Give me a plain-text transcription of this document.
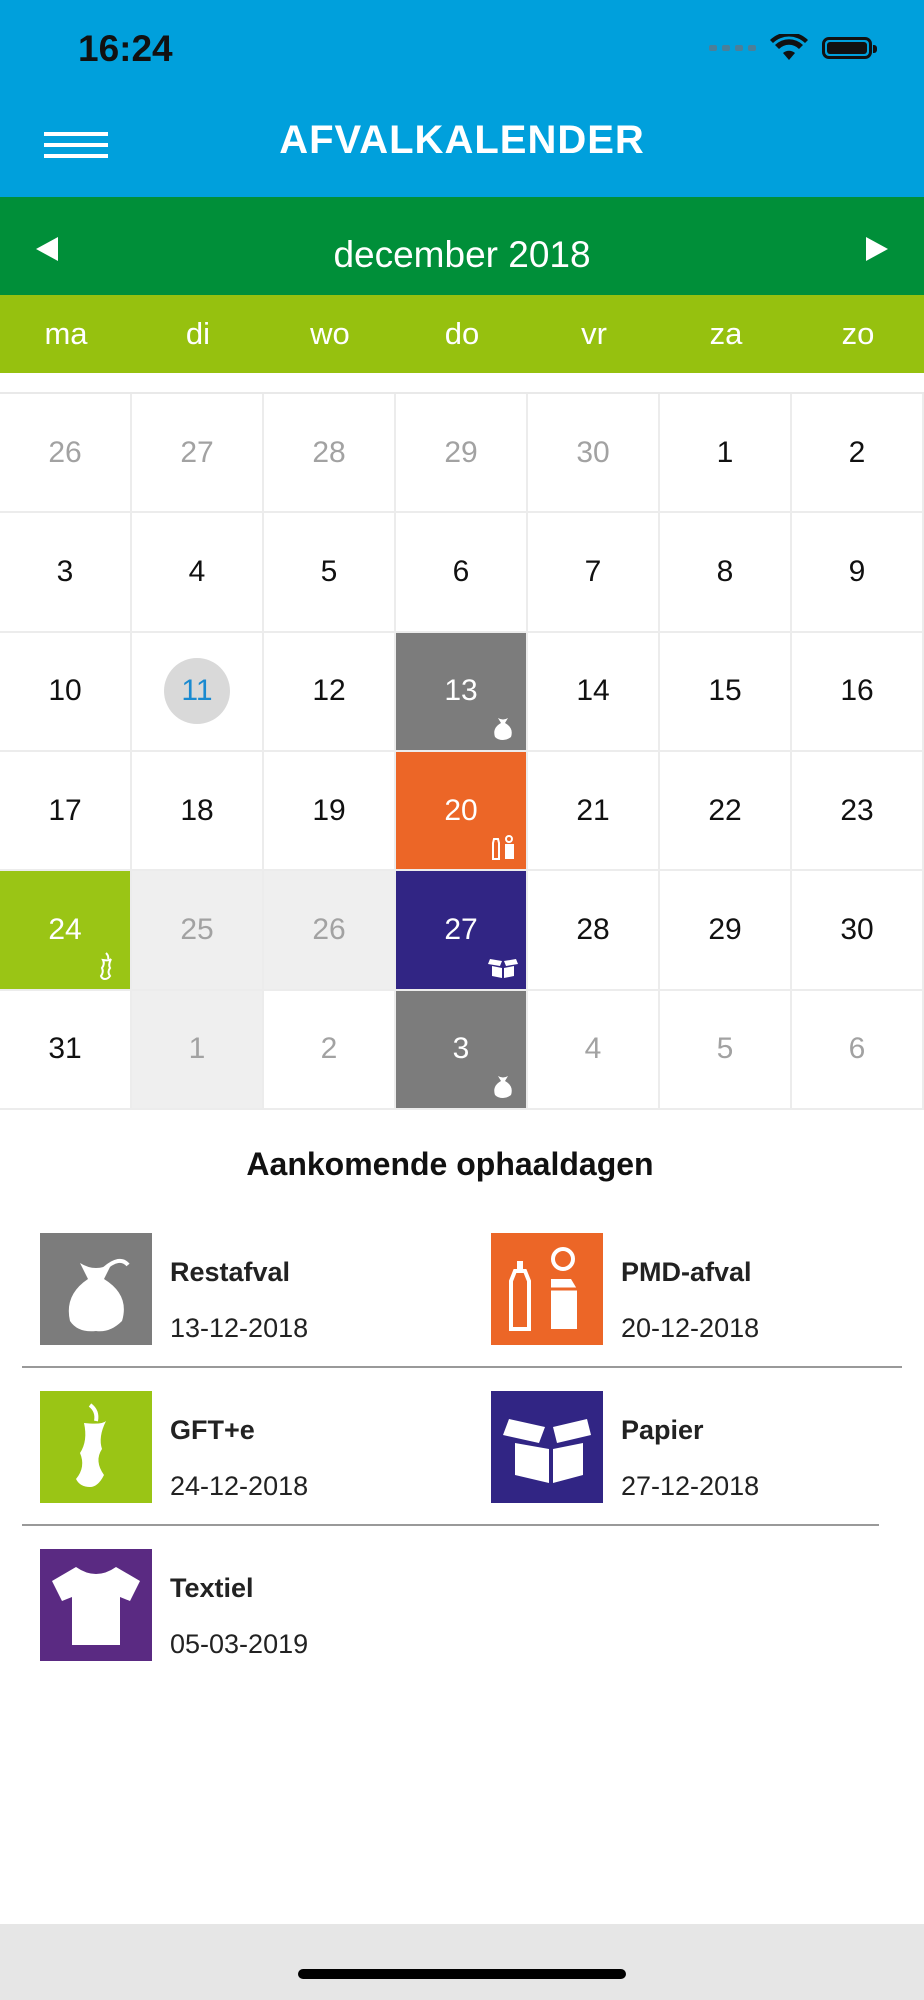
16:24
AFVALKALENDER
december 2018
ma	di	wo	do	vr	za	zo
26	27	28	29	30	1	2
3	4	5	6	7	8	9
10	11	12	13	14	15	16
17	18	19	20	21	22	23
24	25	26	27	28	29	30
31	1	2	3	4	5	6
Aankomende ophaaldagen
Restafval
13-12-2018
PMD-afval
20-12-2018
GFT+e
24-12-2018
Papier
27-12-2018
Textiel
05-03-2019
